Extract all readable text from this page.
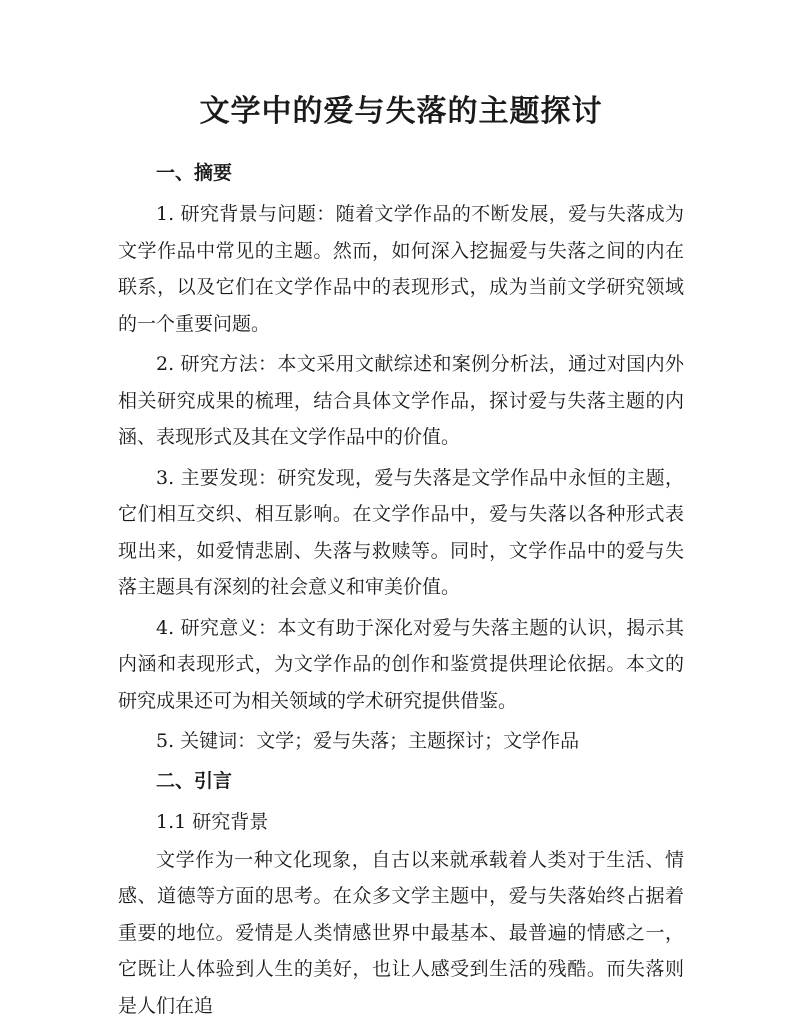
文学中的爱与失落的主题探讨
一、摘要

1. 研究背景与问题：随着文学作品的不断发展，爱与失落成为文学作品中常见的主题。然而，如何深入挖掘爱与失落之间的内在联系，以及它们在文学作品中的表现形式，成为当前文学研究领域的一个重要问题。

2. 研究方法：本文采用文献综述和案例分析法，通过对国内外相关研究成果的梳理，结合具体文学作品，探讨爱与失落主题的内涵、表现形式及其在文学作品中的价值。

3. 主要发现：研究发现，爱与失落是文学作品中永恒的主题，它们相互交织、相互影响。在文学作品中，爱与失落以各种形式表现出来，如爱情悲剧、失落与救赎等。同时，文学作品中的爱与失落主题具有深刻的社会意义和审美价值。

4. 研究意义：本文有助于深化对爱与失落主题的认识，揭示其内涵和表现形式，为文学作品的创作和鉴赏提供理论依据。本文的研究成果还可为相关领域的学术研究提供借鉴。

5. 关键词：文学；爱与失落；主题探讨；文学作品

二、引言
1.1 研究背景

文学作为一种文化现象，自古以来就承载着人类对于生活、情感、道德等方面的思考。在众多文学主题中，爱与失落始终占据着重要的地位。爱情是人类情感世界中最基本、最普遍的情感之一，它既让人体验到人生的美好，也让人感受到生活的残酷。而失落则是人们在追
